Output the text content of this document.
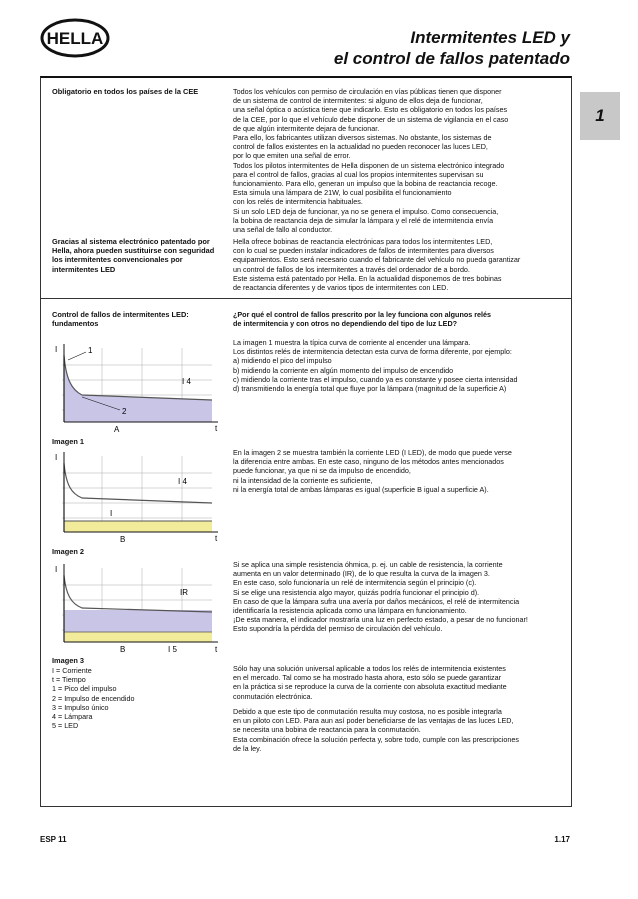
HELLA	Intermitentes LED y
el control de fallos patentado
1
Obligatorio en todos los países de la CEE	Todos los vehículos con permiso de circulación en vías públicas tienen que disponer
de un sistema de control de intermitentes: si alguno de ellos deja de funcionar,
una señal óptica o acústica tiene que indicarlo. Esto es obligatorio en todos los países
de la CEE, por lo que el vehículo debe disponer de un sistema de vigilancia en el caso
de que algún intermitente dejara de funcionar.
Para ello, los fabricantes utilizan diversos sistemas. No obstante, los sistemas de
control de fallos existentes en la actualidad no pueden reconocer las luces LED,
por lo que emiten una señal de error.
Todos los pilotos intermitentes de Hella disponen de un sistema electrónico integrado
para el control de fallos, gracias al cual los propios intermitentes supervisan su
funcionamiento. Para ello, generan un impulso que la bobina de reactancia recoge.
Esta simula una lámpara de 21W, lo cual posibilita el funcionamiento
con los relés de intermitencia habituales.
Si un solo LED deja de funcionar, ya no se genera el impulso. Como consecuencia,
la bobina de reactancia deja de simular la lámpara y el relé de intermitencia envía
una señal de fallo al conductor.

Gracias al sistema electrónico patentado por Hella, ahora pueden sustituirse con seguridad los intermitentes convencionales por intermitentes LED

Hella ofrece bobinas de reactancia electrónicas para todos los intermitentes LED,
con lo cual se pueden instalar indicadores de fallos de intermitentes para diversos
equipamientos. Esto será necesario cuando el fabricante del vehículo no pueda garantizar
un control de fallos de los intermitentes a través del ordenador de a bordo.
Este sistema está patentado por Hella. En la actualidad disponemos de tres bobinas
de reactancia diferentes y de varios tipos de intermitentes con LED.

Control de fallos de intermitentes LED: fundamentos

¿Por qué el control de fallos prescrito por la ley funciona con algunos relés
de intermitencia y con otros no dependiendo del tipo de luz LED?

La imagen 1 muestra la típica curva de corriente al encender una lámpara.
Los distintos relés de intermitencia detectan esta curva de forma diferente, por ejemplo:
a) midiendo el pico del impulso
b) midiendo la corriente en algún momento del impulso de encendido
c) midiendo la corriente tras el impulso, cuando ya es constante y posee cierta intensidad
d) transmitiendo la energía total que fluye por la lámpara (magnitud de la superficie A)

En la imagen 2 se muestra también la corriente LED (I LED), de modo que puede verse
la diferencia entre ambas. En este caso, ninguno de los métodos antes mencionados
puede funcionar, ya que ni se da impulso de encendido,
ni la intensidad de la corriente es suficiente,
ni la energía total de ambas lámparas es igual (superficie B igual a superficie A).

Si se aplica una simple resistencia óhmica, p. ej. un cable de resistencia, la corriente
aumenta en un valor determinado (IR), de lo que resulta la curva de la imagen 3.
En este caso, solo funcionaría un relé de intermitencia según el principio (c).
Si se elige una resistencia algo mayor, quizás podría funcionar el principio d).
En caso de que la lámpara sufra una avería por daños mecánicos, el relé de intermitencia
identificaría la resistencia aplicada como una lámpara en funcionamiento.
¡De esta manera, el indicador mostraría una luz en perfecto estado, a pesar de no funcionar!
Esto supondría la pérdida del permiso de circulación del vehículo.

Sólo hay una solución universal aplicable a todos los relés de intermitencia existentes
en el mercado. Tal como se ha mostrado hasta ahora, esto sólo se puede garantizar
en la práctica si se reproduce la curva de la corriente con absoluta exactitud mediante
conmutación electrónica.

Debido a que este tipo de conmutación resulta muy costosa, no es posible integrarla
en un piloto con LED. Para aun así poder beneficiarse de las ventajas de las luces LED,
se necesita una bobina de reactancia para la conmutación.
Esta combinación ofrece la solución perfecta y, sobre todo, cumple con las prescripciones
de la ley.

I
t
1
I 4
2
A
Imagen 1
I
t
I 4
I
B
Imagen 2
I
t
IR
B	I 5
Imagen 3
I = Corriente
t = Tiempo
1 = Pico del impulso
2 = Impulso de encendido
3 = Impulso único
4 = Lámpara
5 = LED
ESP 11	1.17
